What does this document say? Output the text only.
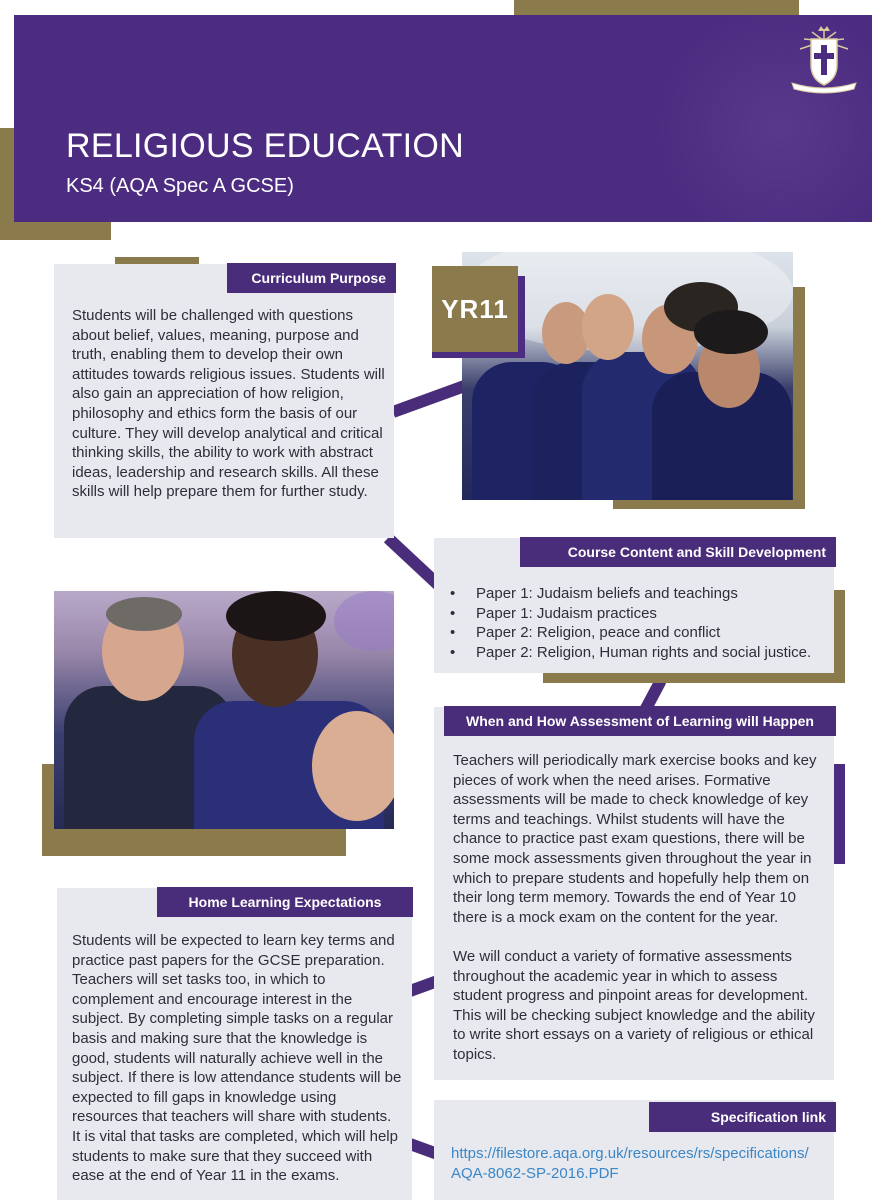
RELIGIOUS EDUCATION
KS4 (AQA Spec A GCSE)
Curriculum Purpose
Students will be challenged with questions about belief, values, meaning, purpose and truth, enabling them to develop their own attitudes towards religious issues. Students will also gain an appreciation of how religion, philosophy and ethics form the basis of our culture. They will develop analytical and critical thinking skills, the ability to work with abstract ideas, leadership and research skills. All these skills will help prepare them for further study.
YR11
Course Content and Skill Development
• Paper 1: Judaism beliefs and teachings
• Paper 1: Judaism practices
• Paper 2: Religion, peace and conflict
• Paper 2: Religion, Human rights and social justice.
When and How Assessment of Learning will Happen
Teachers will periodically mark exercise books and key pieces of work when the need arises. Formative assessments will be made to check knowledge of key terms and teachings. Whilst students will have the chance to practice past exam questions, there will be some mock assessments given throughout the year in which to prepare students and hopefully help them on their long term memory. Towards the end of Year 10 there is a mock exam on the content for the year.
We will conduct a variety of formative assessments throughout the academic year in which to assess student progress and pinpoint areas for development. This will be checking subject knowledge and the ability to write short essays on a variety of religious or ethical topics.
Home Learning Expectations
Students will be expected to learn key terms and practice past papers for the GCSE preparation. Teachers will set tasks too, in which to complement and encourage interest in the subject. By completing simple tasks on a regular basis and making sure that the knowledge is good, students will naturally achieve well in the subject. If there is low attendance students will be expected to fill gaps in knowledge using resources that teachers will share with students. It is vital that tasks are completed, which will help students to make sure that they succeed with ease at the end of Year 11 in the exams.
Specification link
https://filestore.aqa.org.uk/resources/rs/specifications/
AQA-8062-SP-2016.PDF
